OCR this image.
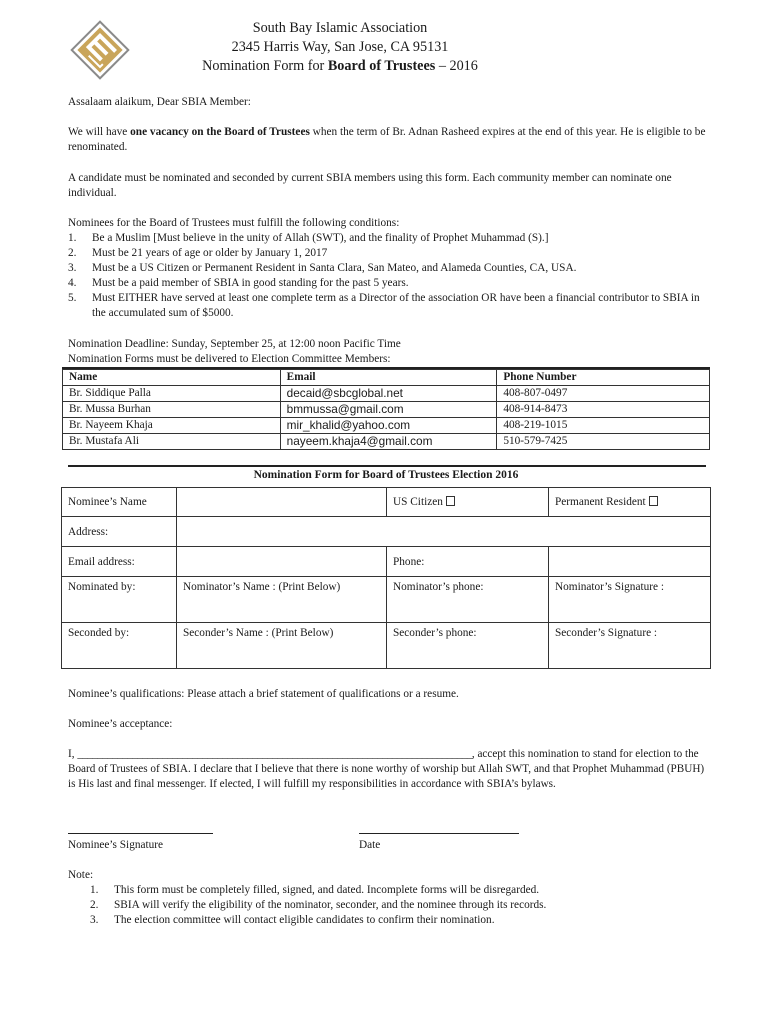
South Bay Islamic Association
2345 Harris Way, San Jose, CA 95131
Nomination Form for Board of Trustees – 2016
Assalaam alaikum, Dear SBIA Member:
We will have one vacancy on the Board of Trustees when the term of Br. Adnan Rasheed expires at the end of this year. He is eligible to be renominated.
A candidate must be nominated and seconded by current SBIA members using this form. Each community member can nominate one individual.
Nominees for the Board of Trustees must fulfill the following conditions:
1. Be a Muslim [Must believe in the unity of Allah (SWT), and the finality of Prophet Muhammad (S).]
2. Must be 21 years of age or older by January 1, 2017
3. Must be a US Citizen or Permanent Resident in Santa Clara, San Mateo, and Alameda Counties, CA, USA.
4. Must be a paid member of SBIA in good standing for the past 5 years.
5. Must EITHER have served at least one complete term as a Director of the association OR have been a financial contributor to SBIA in the accumulated sum of $5000.
Nomination Deadline: Sunday, September 25, at 12:00 noon Pacific Time
Nomination Forms must be delivered to Election Committee Members:
Name	Email	Phone Number
Br. Siddique Palla	decaid@sbcglobal.net	408-807-0497
Br. Mussa Burhan	bmmussa@gmail.com	408-914-8473
Br. Nayeem Khaja	mir_khalid@yahoo.com	408-219-1015
Br. Mustafa Ali	nayeem.khaja4@gmail.com	510-579-7425
Nomination Form for Board of Trustees Election 2016
Nominee’s Name		US Citizen	Permanent Resident
Address:			
Email address:		Phone:	
Nominated by:	Nominator’s Name : (Print Below)	Nominator’s phone:	Nominator’s Signature :
Seconded by:	Seconder’s Name : (Print Below)	Seconder’s phone:	Seconder’s Signature :
Nominee’s qualifications: Please attach a brief statement of qualifications or a resume.
Nominee’s acceptance:
I, _______________________________________________________________________________, accept this nomination to stand for election to the Board of Trustees of SBIA. I declare that I believe that there is none worthy of worship but Allah SWT, and that Prophet Muhammad (PBUH) is His last and final messenger. If elected, I will fulfill my responsibilities in accordance with SBIA’s bylaws.
Nominee’s Signature	Date
Note:
1. This form must be completely filled, signed, and dated. Incomplete forms will be disregarded.
2. SBIA will verify the eligibility of the nominator, seconder, and the nominee through its records.
3. The election committee will contact eligible candidates to confirm their nomination.
